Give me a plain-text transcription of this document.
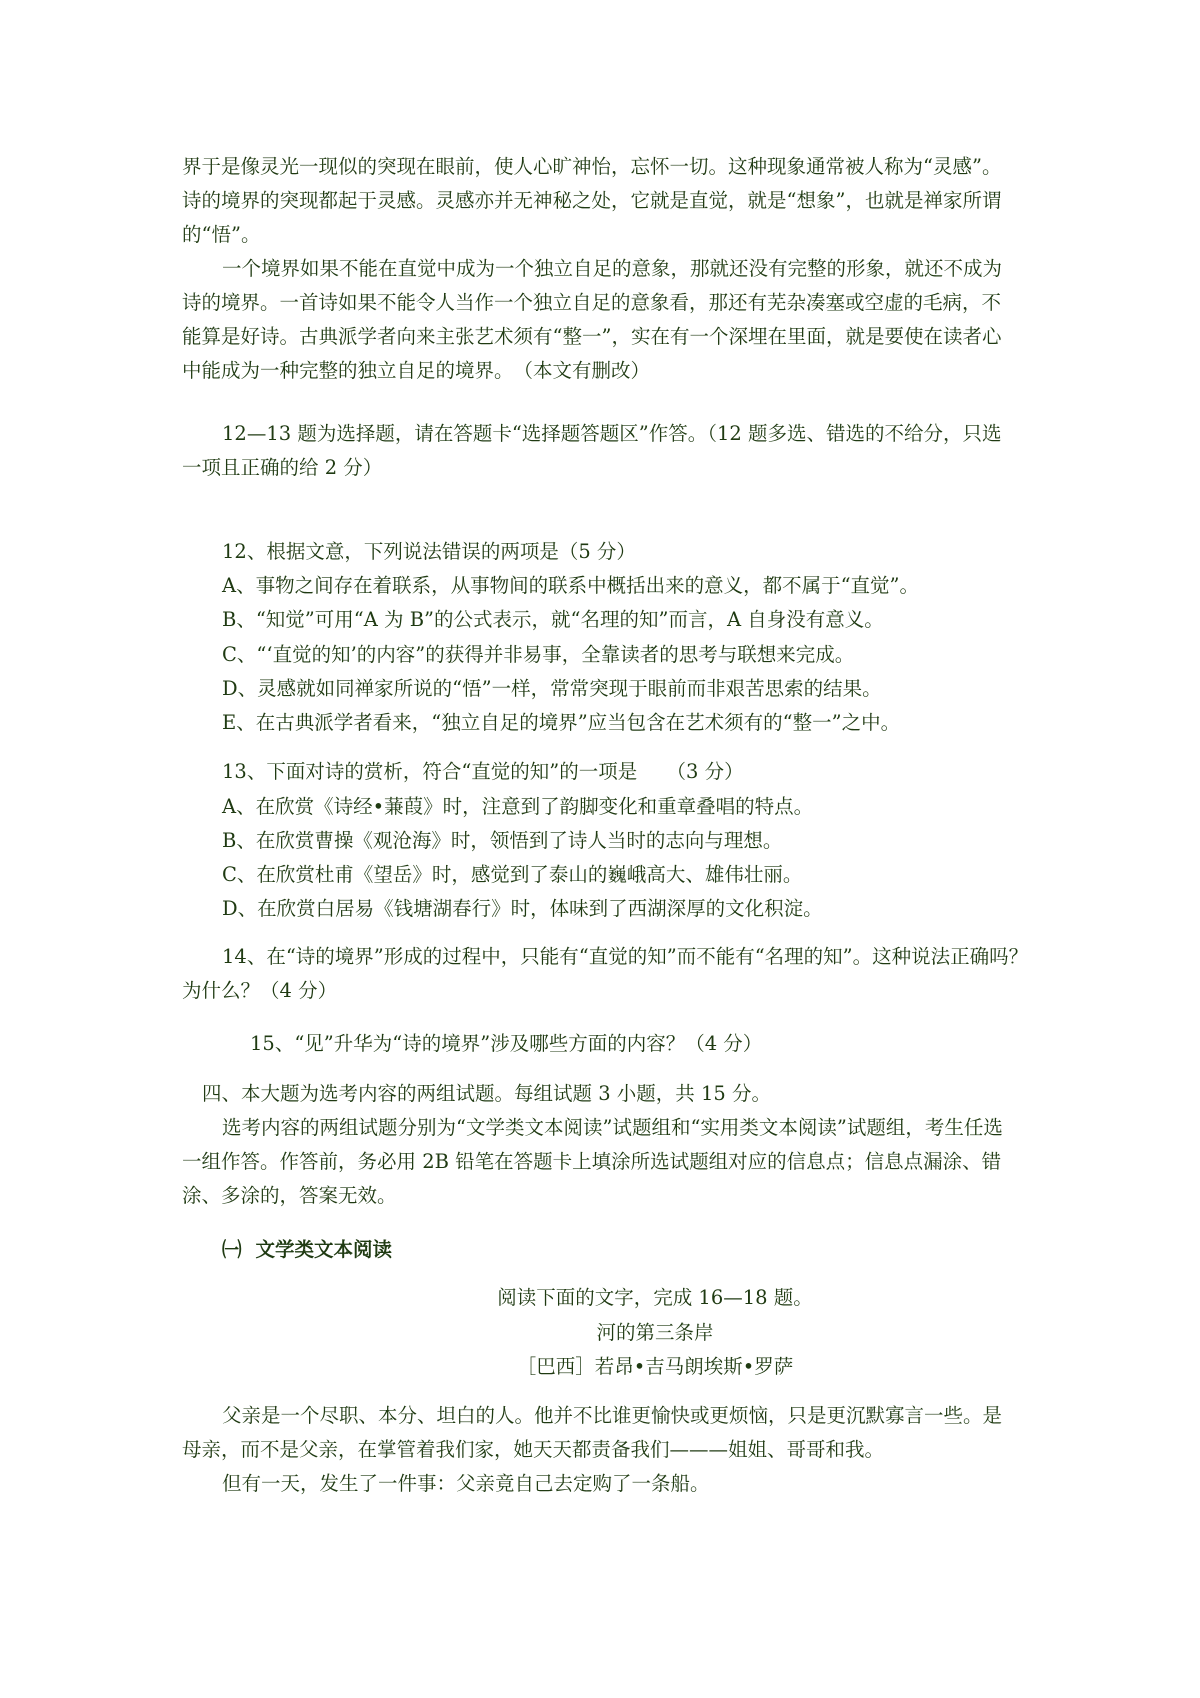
界于是像灵光一现似的突现在眼前，使人心旷神怡，忘怀一切。这种现象通常被人称为“灵感”。
诗的境界的突现都起于灵感。灵感亦并无神秘之处，它就是直觉，就是“想象”，也就是禅家所谓
的“悟”。
一个境界如果不能在直觉中成为一个独立自足的意象，那就还没有完整的形象，就还不成为
诗的境界。一首诗如果不能令人当作一个独立自足的意象看，那还有芜杂凑塞或空虚的毛病，不
能算是好诗。古典派学者向来主张艺术须有“整一”，实在有一个深埋在里面，就是要使在读者心
中能成为一种完整的独立自足的境界。　（本文有删改）
12—13 题为选择题，请在答题卡“选择题答题区”作答。（12 题多选、错选的不给分，只选
一项且正确的给 2 分）
12、根据文意，下列说法错误的两项是（5 分）
A、事物之间存在着联系，从事物间的联系中概括出来的意义，都不属于“直觉”。
B、“知觉”可用“A 为 B”的公式表示，就“名理的知”而言，A 自身没有意义。
C、“‘直觉的知’的内容”的获得并非易事，全靠读者的思考与联想来完成。
D、灵感就如同禅家所说的“悟”一样，常常突现于眼前而非艰苦思索的结果。
E、在古典派学者看来，“独立自足的境界”应当包含在艺术须有的“整一”之中。
13、下面对诗的赏析，符合“直觉的知”的一项是　　（3 分）
A、在欣赏《诗经•蒹葭》时，注意到了韵脚变化和重章叠唱的特点。
B、在欣赏曹操《观沧海》时，领悟到了诗人当时的志向与理想。
C、在欣赏杜甫《望岳》时，感觉到了泰山的巍峨高大、雄伟壮丽。
D、在欣赏白居易《钱塘湖春行》时，体味到了西湖深厚的文化积淀。
14、在“诗的境界”形成的过程中，只能有“直觉的知”而不能有“名理的知”。这种说法正确吗？
为什么？（4 分）
15、“见”升华为“诗的境界”涉及哪些方面的内容？（4 分）
四、本大题为选考内容的两组试题。每组试题 3 小题，共 15 分。
选考内容的两组试题分别为“文学类文本阅读”试题组和“实用类文本阅读”试题组，考生任选
一组作答。作答前，务必用 2B 铅笔在答题卡上填涂所选试题组对应的信息点；信息点漏涂、错
涂、多涂的，答案无效。
㈠ 文学类文本阅读
阅读下面的文字，完成 16—18 题。
河的第三条岸
［巴西］若昂•吉马朗埃斯•罗萨
父亲是一个尽职、本分、坦白的人。他并不比谁更愉快或更烦恼，只是更沉默寡言一些。是
母亲，而不是父亲，在掌管着我们家，她天天都责备我们———姐姐、哥哥和我。
但有一天，发生了一件事：父亲竟自己去定购了一条船。
